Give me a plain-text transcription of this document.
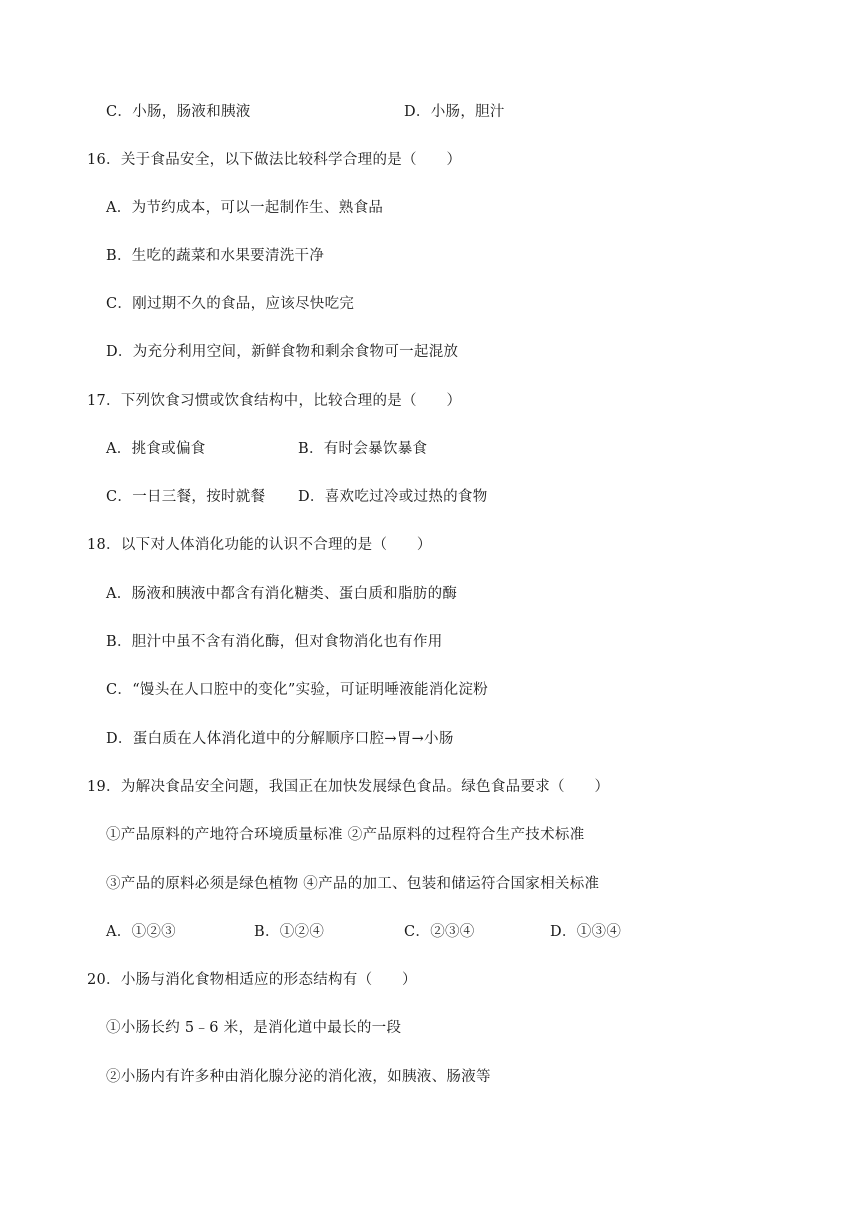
C．小肠，肠液和胰液	D．小肠，胆汁
16．关于食品安全，以下做法比较科学合理的是（　　）
A．为节约成本，可以一起制作生、熟食品
B．生吃的蔬菜和水果要清洗干净
C．刚过期不久的食品，应该尽快吃完
D．为充分利用空间，新鲜食物和剩余食物可一起混放
17．下列饮食习惯或饮食结构中，比较合理的是（　　）
A．挑食或偏食	B．有时会暴饮暴食
C．一日三餐，按时就餐 D．喜欢吃过冷或过热的食物
18．以下对人体消化功能的认识不合理的是（　　）
A．肠液和胰液中都含有消化糖类、蛋白质和脂肪的酶
B．胆汁中虽不含有消化酶，但对食物消化也有作用
C．“馒头在人口腔中的变化”实验，可证明唾液能消化淀粉
D．蛋白质在人体消化道中的分解顺序口腔→胃→小肠
19．为解决食品安全问题，我国正在加快发展绿色食品。绿色食品要求（　　）
①产品原料的产地符合环境质量标准 ②产品原料的过程符合生产技术标准
③产品的原料必须是绿色植物 ④产品的加工、包装和储运符合国家相关标准
A．①②③	B．①②④	C．②③④	D．①③④
20．小肠与消化食物相适应的形态结构有（　　）
①小肠长约 5﹣6 米，是消化道中最长的一段
②小肠内有许多种由消化腺分泌的消化液，如胰液、肠液等
